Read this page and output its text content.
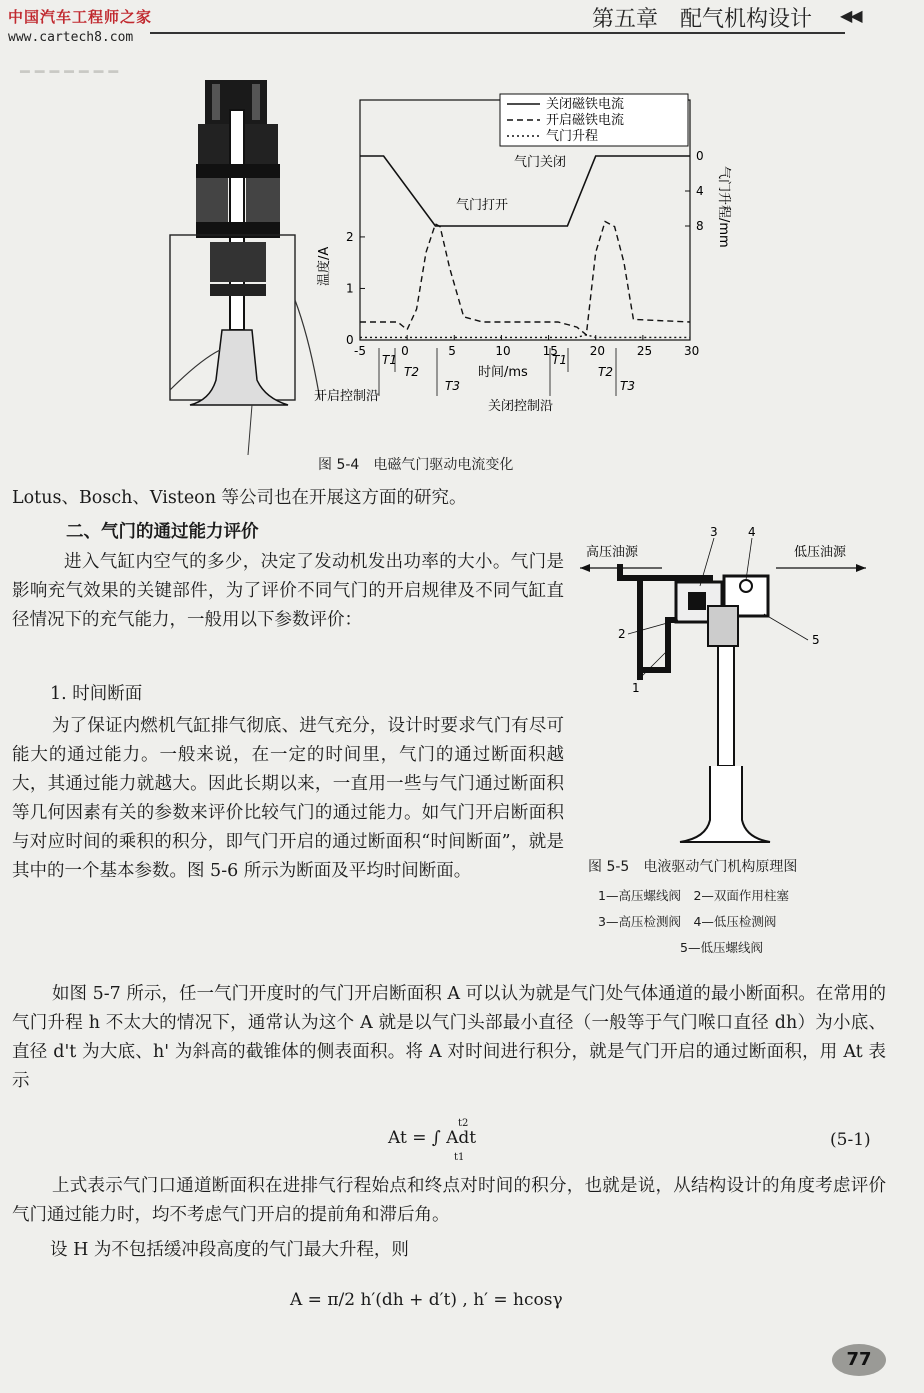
中国汽车工程师之家
www.cartech8.com
第五章　配气机构设计 ◀◀
━ ━ ━ ━ ━ ━ ━
-5	0	5	10	15	20	25	30
0
1
2
0
4
8
关闭磁铁电流
开启磁铁电流
气门升程
气门关闭
气门打开
温度/A
气门升程/mm
时间/ms
T1
T2
T3
T1
T2
T3
开启控制沿
关闭控制沿
图 5-4　电磁气门驱动电流变化
Lotus、Bosch、Visteon 等公司也在开展这方面的研究。
二、气门的通过能力评价
进入气缸内空气的多少，决定了发动机发出功率的大小。气门是影响充气效果的关键部件，为了评价不同气门的开启规律及不同气缸直径情况下的充气能力，一般用以下参数评价：
1. 时间断面
为了保证内燃机气缸排气彻底、进气充分，设计时要求气门有尽可能大的通过能力。一般来说，在一定的时间里，气门的通过断面积越大，其通过能力就越大。因此长期以来，一直用一些与气门通过断面积等几何因素有关的参数来评价比较气门的通过能力。如气门开启断面积与对应时间的乘积的积分，即气门开启的通过断面积“时间断面”，就是其中的一个基本参数。图 5-6 所示为断面及平均时间断面。
高压油源	低压油源
3	4
2	5
1
图 5-5　电液驱动气门机构原理图
1—高压螺线阀　2—双面作用柱塞
3—高压检测阀　4—低压检测阀
5—低压螺线阀
如图 5-7 所示，任一气门开度时的气门开启断面积 A 可以认为就是气门处气体通道的最小断面积。在常用的气门升程 h 不太大的情况下，通常认为这个 A 就是以气门头部最小直径（一般等于气门喉口直径 dh）为小底、直径 d't 为大底、h' 为斜高的截锥体的侧表面积。将 A 对时间进行积分，就是气门开启的通过断面积，用 At 表示
At = ∫ Adt
t2
t1
(5-1)
上式表示气门口通道断面积在进排气行程始点和终点对时间的积分，也就是说，从结构设计的角度考虑评价气门通过能力时，均不考虑气门开启的提前角和滞后角。
设 H 为不包括缓冲段高度的气门最大升程，则
A = π/2 h′(dh + d′t) , h′ = hcosγ
77
